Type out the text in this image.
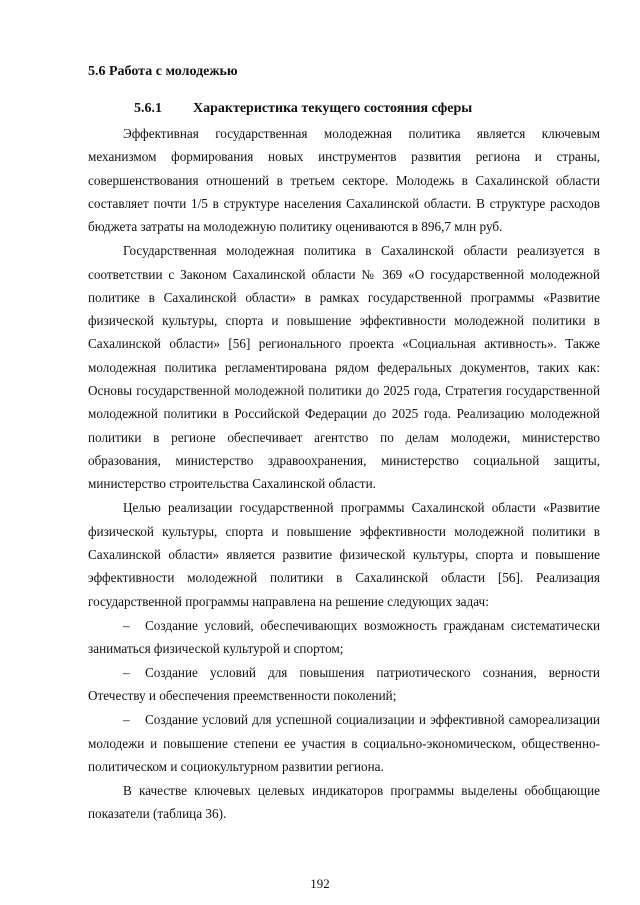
5.6 Работа с молодежью
5.6.1 Характеристика текущего состояния сферы

Эффективная государственная молодежная политика является ключевым механизмом формирования новых инструментов развития региона и страны, совершенствования отношений в третьем секторе. Молодежь в Сахалинской области составляет почти 1/5 в структуре населения Сахалинской области. В структуре расходов бюджета затраты на молодежную политику оцениваются в 896,7 млн руб.

Государственная молодежная политика в Сахалинской области реализуется в соответствии с Законом Сахалинской области № 369 «О государственной молодежной политике в Сахалинской области» в рамках государственной программы «Развитие физической культуры, спорта и повышение эффективности молодежной политики в Сахалинской области» [56] регионального проекта «Социальная активность». Также молодежная политика регламентирована рядом федеральных документов, таких как: Основы государственной молодежной политики до 2025 года, Стратегия государственной молодежной политики в Российской Федерации до 2025 года. Реализацию молодежной политики в регионе обеспечивает агентство по делам молодежи, министерство образования, министерство здравоохранения, министерство социальной защиты, министерство строительства Сахалинской области.

Целью реализации государственной программы Сахалинской области «Развитие физической культуры, спорта и повышение эффективности молодежной политики в Сахалинской области» является развитие физической культуры, спорта и повышение эффективности молодежной политики в Сахалинской области [56]. Реализация государственной программы направлена на решение следующих задач:

– Создание условий, обеспечивающих возможность гражданам систематически заниматься физической культурой и спортом;

– Создание условий для повышения патриотического сознания, верности Отечеству и обеспечения преемственности поколений;

– Создание условий для успешной социализации и эффективной самореализации молодежи и повышение степени ее участия в социально-экономическом, общественно-политическом и социокультурном развитии региона.

В качестве ключевых целевых индикаторов программы выделены обобщающие показатели (таблица 36).

192
